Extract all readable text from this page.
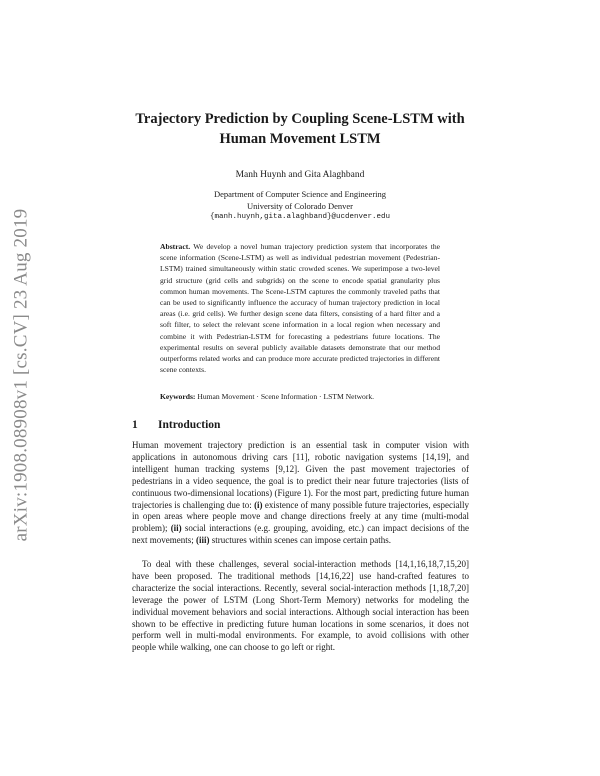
arXiv:1908.08908v1 [cs.CV] 23 Aug 2019
Trajectory Prediction by Coupling Scene-LSTM with
Human Movement LSTM
Manh Huynh and Gita Alaghband
Department of Computer Science and Engineering
University of Colorado Denver
{manh.huynh,gita.alaghband}@ucdenver.edu

Abstract. We develop a novel human trajectory prediction system that incorporates the scene information (Scene-LSTM) as well as individual pedestrian movement (Pedestrian-LSTM) trained simultaneously within static crowded scenes. We superimpose a two-level grid structure (grid cells and subgrids) on the scene to encode spatial granularity plus common human movements. The Scene-LSTM captures the commonly traveled paths that can be used to significantly influence the accuracy of human trajectory prediction in local areas (i.e. grid cells). We further design scene data filters, consisting of a hard filter and a soft filter, to select the relevant scene information in a local region when necessary and combine it with Pedestrian-LSTM for forecasting a pedestrians future locations. The experimental results on several publicly available datasets demonstrate that our method outperforms related works and can produce more accurate predicted trajectories in different scene contexts.

Keywords: Human Movement · Scene Information · LSTM Network.

1 Introduction

Human movement trajectory prediction is an essential task in computer vision with applications in autonomous driving cars [11], robotic navigation systems [14,19], and intelligent human tracking systems [9,12]. Given the past movement trajectories of pedestrians in a video sequence, the goal is to predict their near future trajectories (lists of continuous two-dimensional locations) (Figure 1). For the most part, predicting future human trajectories is challenging due to: (i) existence of many possible future trajectories, especially in open areas where people move and change directions freely at any time (multi-modal problem); (ii) social interactions (e.g. grouping, avoiding, etc.) can impact decisions of the next movements; (iii) structures within scenes can impose certain paths.

To deal with these challenges, several social-interaction methods [14,1,16,18,7,15,20] have been proposed. The traditional methods [14,16,22] use hand-crafted features to characterize the social interactions. Recently, several social-interaction methods [1,18,7,20] leverage the power of LSTM (Long Short-Term Memory) networks for modeling the individual movement behaviors and social interactions. Although social interaction has been shown to be effective in predicting future human locations in some scenarios, it does not perform well in multi-modal environments. For example, to avoid collisions with other people while walking, one can choose to go left or right.
